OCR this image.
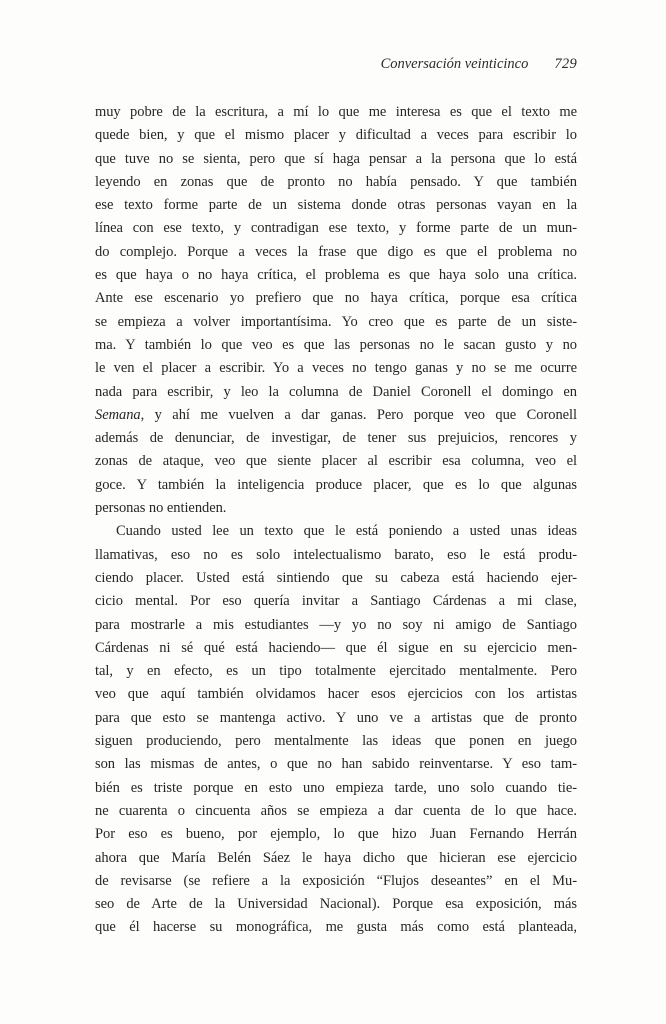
Conversación veinticinco 729
muy pobre de la escritura, a mí lo que me interesa es que el texto me
quede bien, y que el mismo placer y dificultad a veces para escribir lo
que tuve no se sienta, pero que sí haga pensar a la persona que lo está
leyendo en zonas que de pronto no había pensado. Y que también
ese texto forme parte de un sistema donde otras personas vayan en la
línea con ese texto, y contradigan ese texto, y forme parte de un mun-
do complejo. Porque a veces la frase que digo es que el problema no
es que haya o no haya crítica, el problema es que haya solo una crítica.
Ante ese escenario yo prefiero que no haya crítica, porque esa crítica
se empieza a volver importantísima. Yo creo que es parte de un siste-
ma. Y también lo que veo es que las personas no le sacan gusto y no
le ven el placer a escribir. Yo a veces no tengo ganas y no se me ocurre
nada para escribir, y leo la columna de Daniel Coronell el domingo en
Semana, y ahí me vuelven a dar ganas. Pero porque veo que Coronell
además de denunciar, de investigar, de tener sus prejuicios, rencores y
zonas de ataque, veo que siente placer al escribir esa columna, veo el
goce. Y también la inteligencia produce placer, que es lo que algunas
personas no entienden.
Cuando usted lee un texto que le está poniendo a usted unas ideas
llamativas, eso no es solo intelectualismo barato, eso le está produ-
ciendo placer. Usted está sintiendo que su cabeza está haciendo ejer-
cicio mental. Por eso quería invitar a Santiago Cárdenas a mi clase,
para mostrarle a mis estudiantes —y yo no soy ni amigo de Santiago
Cárdenas ni sé qué está haciendo— que él sigue en su ejercicio men-
tal, y en efecto, es un tipo totalmente ejercitado mentalmente. Pero
veo que aquí también olvidamos hacer esos ejercicios con los artistas
para que esto se mantenga activo. Y uno ve a artistas que de pronto
siguen produciendo, pero mentalmente las ideas que ponen en juego
son las mismas de antes, o que no han sabido reinventarse. Y eso tam-
bién es triste porque en esto uno empieza tarde, uno solo cuando tie-
ne cuarenta o cincuenta años se empieza a dar cuenta de lo que hace.
Por eso es bueno, por ejemplo, lo que hizo Juan Fernando Herrán
ahora que María Belén Sáez le haya dicho que hicieran ese ejercicio
de revisarse (se refiere a la exposición “Flujos deseantes” en el Mu-
seo de Arte de la Universidad Nacional). Porque esa exposición, más
que él hacerse su monográfica, me gusta más como está planteada,
